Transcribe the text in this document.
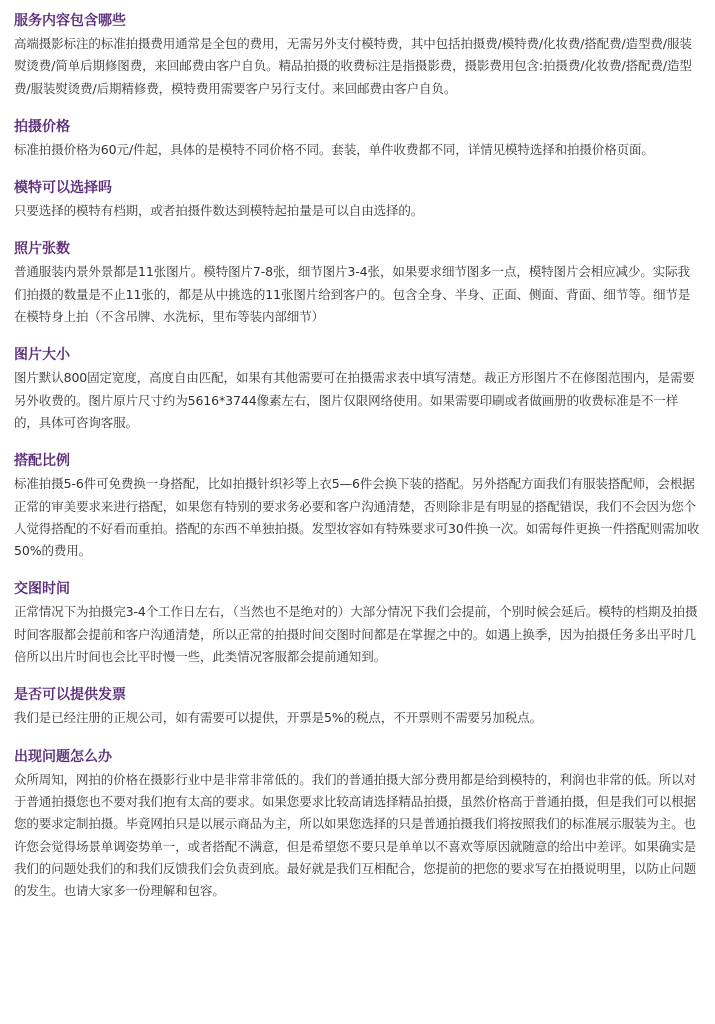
服务内容包含哪些
高端摄影标注的标准拍摄费用通常是全包的费用，无需另外支付模特费，其中包括拍摄费/模特费/化妆费/搭配费/造型费/服装熨烫费/简单后期修图费，来回邮费由客户自负。精品拍摄的收费标注是指摄影费，摄影费用包含:拍摄费/化妆费/搭配费/造型费/服装熨烫费/后期精修费，模特费用需要客户另行支付。来回邮费由客户自负。
拍摄价格
标准拍摄价格为60元/件起，具体的是模特不同价格不同。套装，单件收费都不同，详情见模特选择和拍摄价格页面。
模特可以选择吗
只要选择的模特有档期，或者拍摄件数达到模特起拍量是可以自由选择的。
照片张数
普通服装内景外景都是11张图片。模特图片7-8张，细节图片3-4张，如果要求细节图多一点，模特图片会相应减少。实际我们拍摄的数量是不止11张的，都是从中挑选的11张图片给到客户的。包含全身、半身、正面、侧面、背面、细节等。细节是在模特身上拍（不含吊牌、水洗标，里布等装内部细节）
图片大小
图片默认800固定宽度，高度自由匹配，如果有其他需要可在拍摄需求表中填写清楚。裁正方形图片不在修图范围内，是需要另外收费的。图片原片尺寸约为5616*3744像素左右，图片仅限网络使用。如果需要印刷或者做画册的收费标准是不一样的，具体可咨询客服。
搭配比例
标准拍摄5-6件可免费换一身搭配，比如拍摄针织衫等上衣5—6件会换下装的搭配。另外搭配方面我们有服装搭配师，会根据正常的审美要求来进行搭配，如果您有特别的要求务必要和客户沟通清楚，否则除非是有明显的搭配错误，我们不会因为您个人觉得搭配的不好看而重拍。搭配的东西不单独拍摄。发型妆容如有特殊要求可30件换一次。如需每件更换一件搭配则需加收50%的费用。
交图时间
正常情况下为拍摄完3-4个工作日左右，（当然也不是绝对的）大部分情况下我们会提前，个别时候会延后。模特的档期及拍摄时间客服都会提前和客户沟通清楚，所以正常的拍摄时间交图时间都是在掌握之中的。如遇上换季，因为拍摄任务多出平时几倍所以出片时间也会比平时慢一些，此类情况客服都会提前通知到。
是否可以提供发票
我们是已经注册的正规公司，如有需要可以提供，开票是5%的税点，不开票则不需要另加税点。
出现问题怎么办
众所周知，网拍的价格在摄影行业中是非常非常低的。我们的普通拍摄大部分费用都是给到模特的，利润也非常的低。所以对于普通拍摄您也不要对我们抱有太高的要求。如果您要求比较高请选择精品拍摄，虽然价格高于普通拍摄，但是我们可以根据您的要求定制拍摄。毕竟网拍只是以展示商品为主，所以如果您选择的只是普通拍摄我们将按照我们的标准展示服装为主。也许您会觉得场景单调姿势单一，或者搭配不满意，但是希望您不要只是单单以不喜欢等原因就随意的给出中差评。如果确实是我们的问题处我们的和我们反馈我们会负责到底。最好就是我们互相配合，您提前的把您的要求写在拍摄说明里，以防止问题的发生。也请大家多一份理解和包容。
